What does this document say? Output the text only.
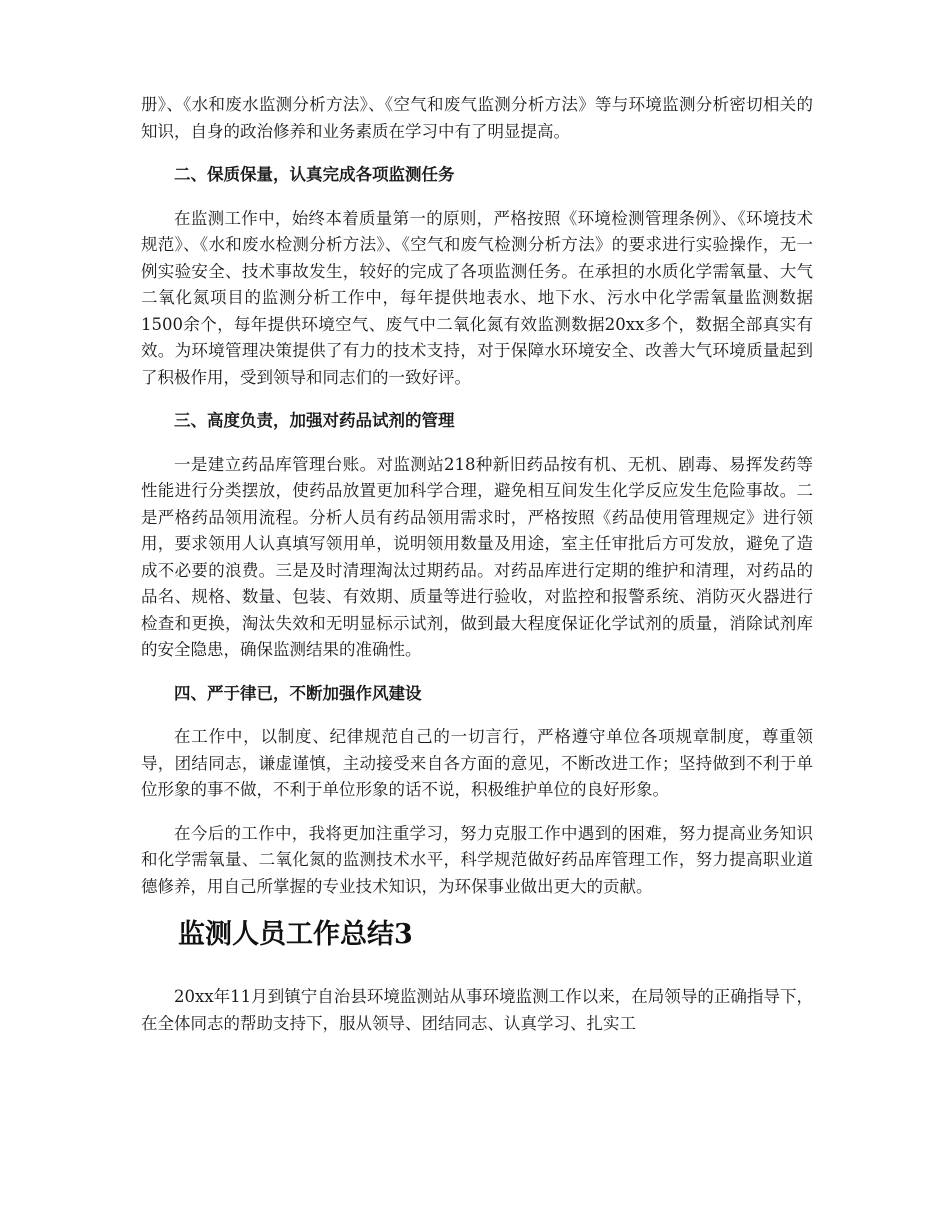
册》、《水和废水监测分析方法》、《空气和废气监测分析方法》等与环境监测分析密切相关的知识，自身的政治修养和业务素质在学习中有了明显提高。

二、保质保量，认真完成各项监测任务

在监测工作中，始终本着质量第一的原则，严格按照《环境检测管理条例》、《环境技术规范》、《水和废水检测分析方法》、《空气和废气检测分析方法》的要求进行实验操作，无一例实验安全、技术事故发生，较好的完成了各项监测任务。在承担的水质化学需氧量、大气二氧化氮项目的监测分析工作中，每年提供地表水、地下水、污水中化学需氧量监测数据1500余个，每年提供环境空气、废气中二氧化氮有效监测数据20xx多个，数据全部真实有效。为环境管理决策提供了有力的技术支持，对于保障水环境安全、改善大气环境质量起到了积极作用，受到领导和同志们的一致好评。

三、高度负责，加强对药品试剂的管理

一是建立药品库管理台账。对监测站218种新旧药品按有机、无机、剧毒、易挥发药等性能进行分类摆放，使药品放置更加科学合理，避免相互间发生化学反应发生危险事故。二是严格药品领用流程。分析人员有药品领用需求时，严格按照《药品使用管理规定》进行领用，要求领用人认真填写领用单，说明领用数量及用途，室主任审批后方可发放，避免了造成不必要的浪费。三是及时清理淘汰过期药品。对药品库进行定期的维护和清理，对药品的品名、规格、数量、包装、有效期、质量等进行验收，对监控和报警系统、消防灭火器进行检查和更换，淘汰失效和无明显标示试剂，做到最大程度保证化学试剂的质量，消除试剂库的安全隐患，确保监测结果的准确性。

四、严于律已，不断加强作风建设

在工作中，以制度、纪律规范自己的一切言行，严格遵守单位各项规章制度，尊重领导，团结同志，谦虚谨慎，主动接受来自各方面的意见，不断改进工作；坚持做到不利于单位形象的事不做，不利于单位形象的话不说，积极维护单位的良好形象。

在今后的工作中，我将更加注重学习，努力克服工作中遇到的困难，努力提高业务知识和化学需氧量、二氧化氮的监测技术水平，科学规范做好药品库管理工作，努力提高职业道德修养，用自己所掌握的专业技术知识，为环保事业做出更大的贡献。

监测人员工作总结3

20xx年11月到镇宁自治县环境监测站从事环境监测工作以来，在局领导的正确指导下，在全体同志的帮助支持下，服从领导、团结同志、认真学习、扎实工
